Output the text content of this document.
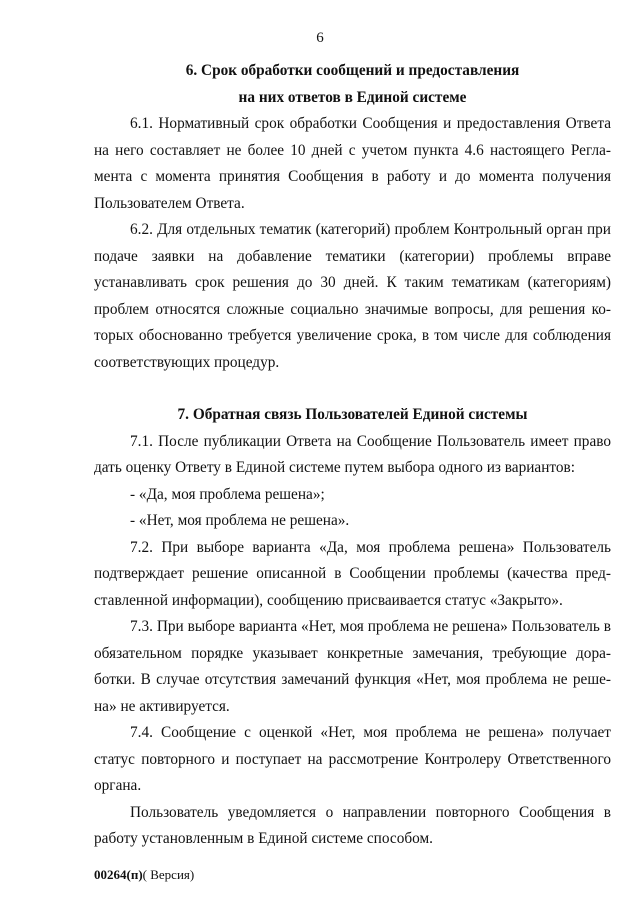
6

6. Срок обработки сообщений и предоставления

на них ответов в Единой системе

6.1. Нормативный срок обработки Сообщения и предоставления Ответа на него составляет не более 10 дней с учетом пункта 4.6 настоящего Регламента с момента принятия Сообщения в работу и до момента получения Пользователем Ответа.

6.2. Для отдельных тематик (категорий) проблем Контрольный орган при подаче заявки на добавление тематики (категории) проблемы вправе устанавливать срок решения до 30 дней. К таким тематикам (категориям) проблем относятся сложные социально значимые вопросы, для решения которых обоснованно требуется увеличение срока, в том числе для соблюдения соответствующих процедур.

7. Обратная связь Пользователей Единой системы

7.1. После публикации Ответа на Сообщение Пользователь имеет право дать оценку Ответу в Единой системе путем выбора одного из вариантов:

- «Да, моя проблема решена»;

- «Нет, моя проблема не решена».

7.2. При выборе варианта «Да, моя проблема решена» Пользователь подтверждает решение описанной в Сообщении проблемы (качества представленной информации), сообщению присваивается статус «Закрыто».

7.3. При выборе варианта «Нет, моя проблема не решена» Пользователь в обязательном порядке указывает конкретные замечания, требующие доработки. В случае отсутствия замечаний функция «Нет, моя проблема не решена» не активируется.

7.4. Сообщение с оценкой «Нет, моя проблема не решена» получает статус повторного и поступает на рассмотрение Контролеру Ответственного органа.

Пользователь уведомляется о направлении повторного Сообщения в работу установленным в Единой системе способом.

00264(п)( Версия)
